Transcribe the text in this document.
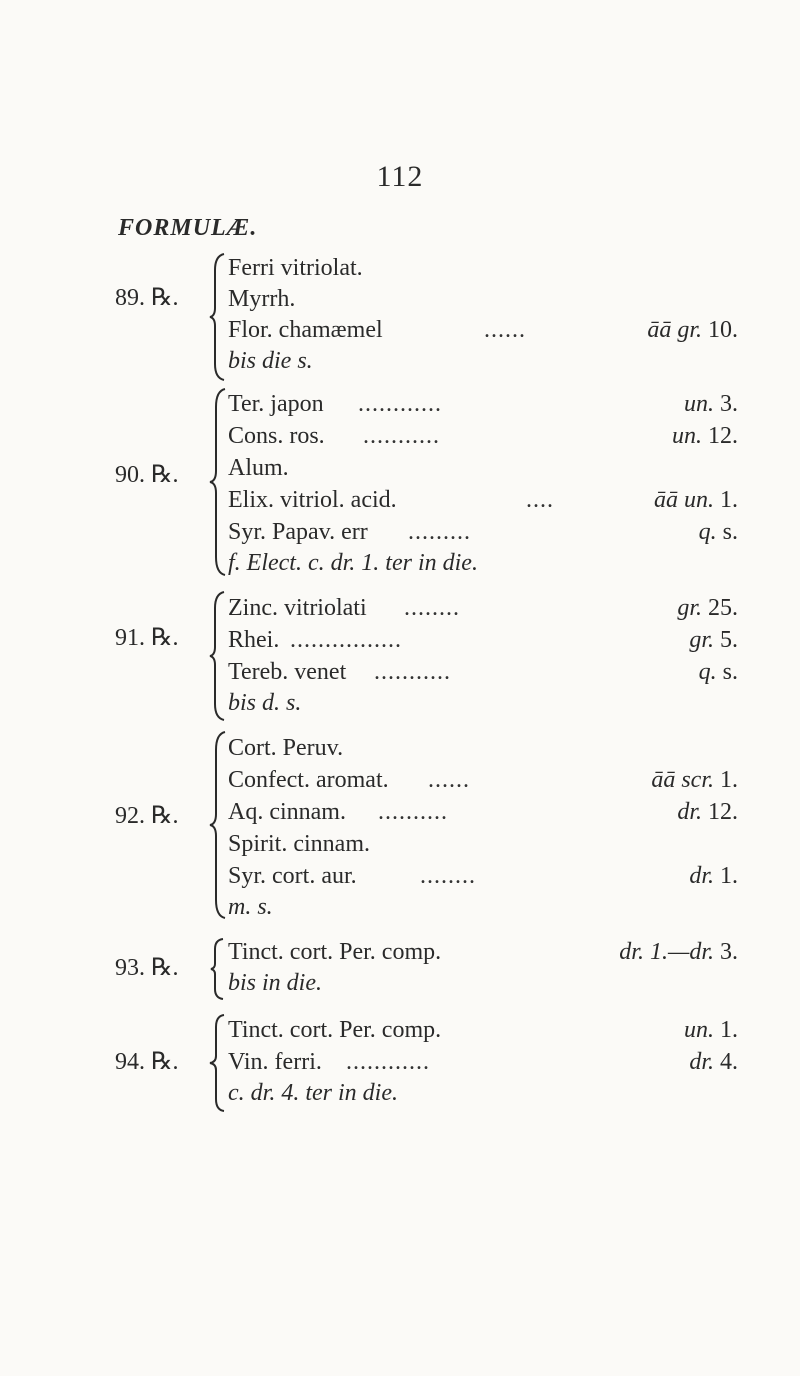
112
FORMULÆ.
89. ℞.
Ferri vitriolat.
Myrrh.
Flor. chamæmel	......	āā gr. 10.
bis die s.
90. ℞.
Ter. japon ............	un. 3.
Cons. ros. ...........	un. 12.
Alum.
Elix. vitriol. acid.	....	āā un. 1.
Syr. Papav. err .........	q. s.
f. Elect. c. dr. 1. ter in die.
91. ℞.
Zinc. vitriolati ........	gr. 25.
Rhei. ................	gr. 5.
Tereb. venet ...........	q. s.
bis d. s.
92. ℞.
Cort. Peruv.
Confect. aromat. ......	āā scr. 1.
Aq. cinnam. ..........	dr. 12.
Spirit. cinnam.
Syr. cort. aur.	........	dr. 1.
m. s.
93. ℞.
Tinct. cort. Per. comp.	dr. 1.—dr. 3.
bis in die.
94. ℞.
Tinct. cort. Per. comp.	un. 1.
Vin. ferri. ............	dr. 4.
c. dr. 4. ter in die.
